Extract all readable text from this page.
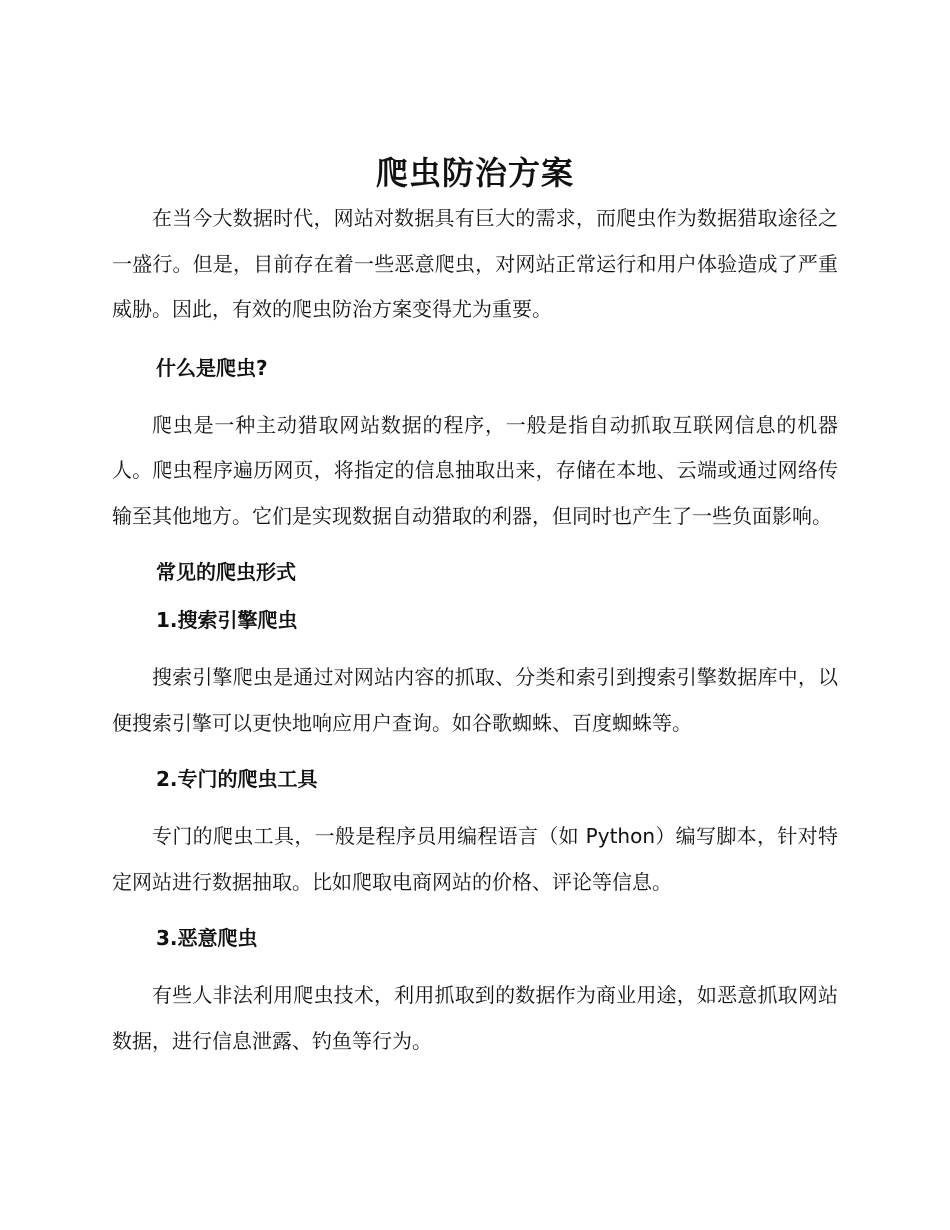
爬虫防治方案

在当今大数据时代，网站对数据具有巨大的需求，而爬虫作为数据猎取途径之一盛行。但是，目前存在着一些恶意爬虫，对网站正常运行和用户体验造成了严重威胁。因此，有效的爬虫防治方案变得尤为重要。

什么是爬虫?

爬虫是一种主动猎取网站数据的程序，一般是指自动抓取互联网信息的机器人。爬虫程序遍历网页，将指定的信息抽取出来，存储在本地、云端或通过网络传输至其他地方。它们是实现数据自动猎取的利器，但同时也产生了一些负面影响。

常见的爬虫形式
1.搜索引擎爬虫

搜索引擎爬虫是通过对网站内容的抓取、分类和索引到搜索引擎数据库中，以便搜索引擎可以更快地响应用户查询。如谷歌蜘蛛、百度蜘蛛等。

2.专门的爬虫工具

专门的爬虫工具，一般是程序员用编程语言（如 Python）编写脚本，针对特定网站进行数据抽取。比如爬取电商网站的价格、评论等信息。

3.恶意爬虫

有些人非法利用爬虫技术，利用抓取到的数据作为商业用途，如恶意抓取网站数据，进行信息泄露、钓鱼等行为。
